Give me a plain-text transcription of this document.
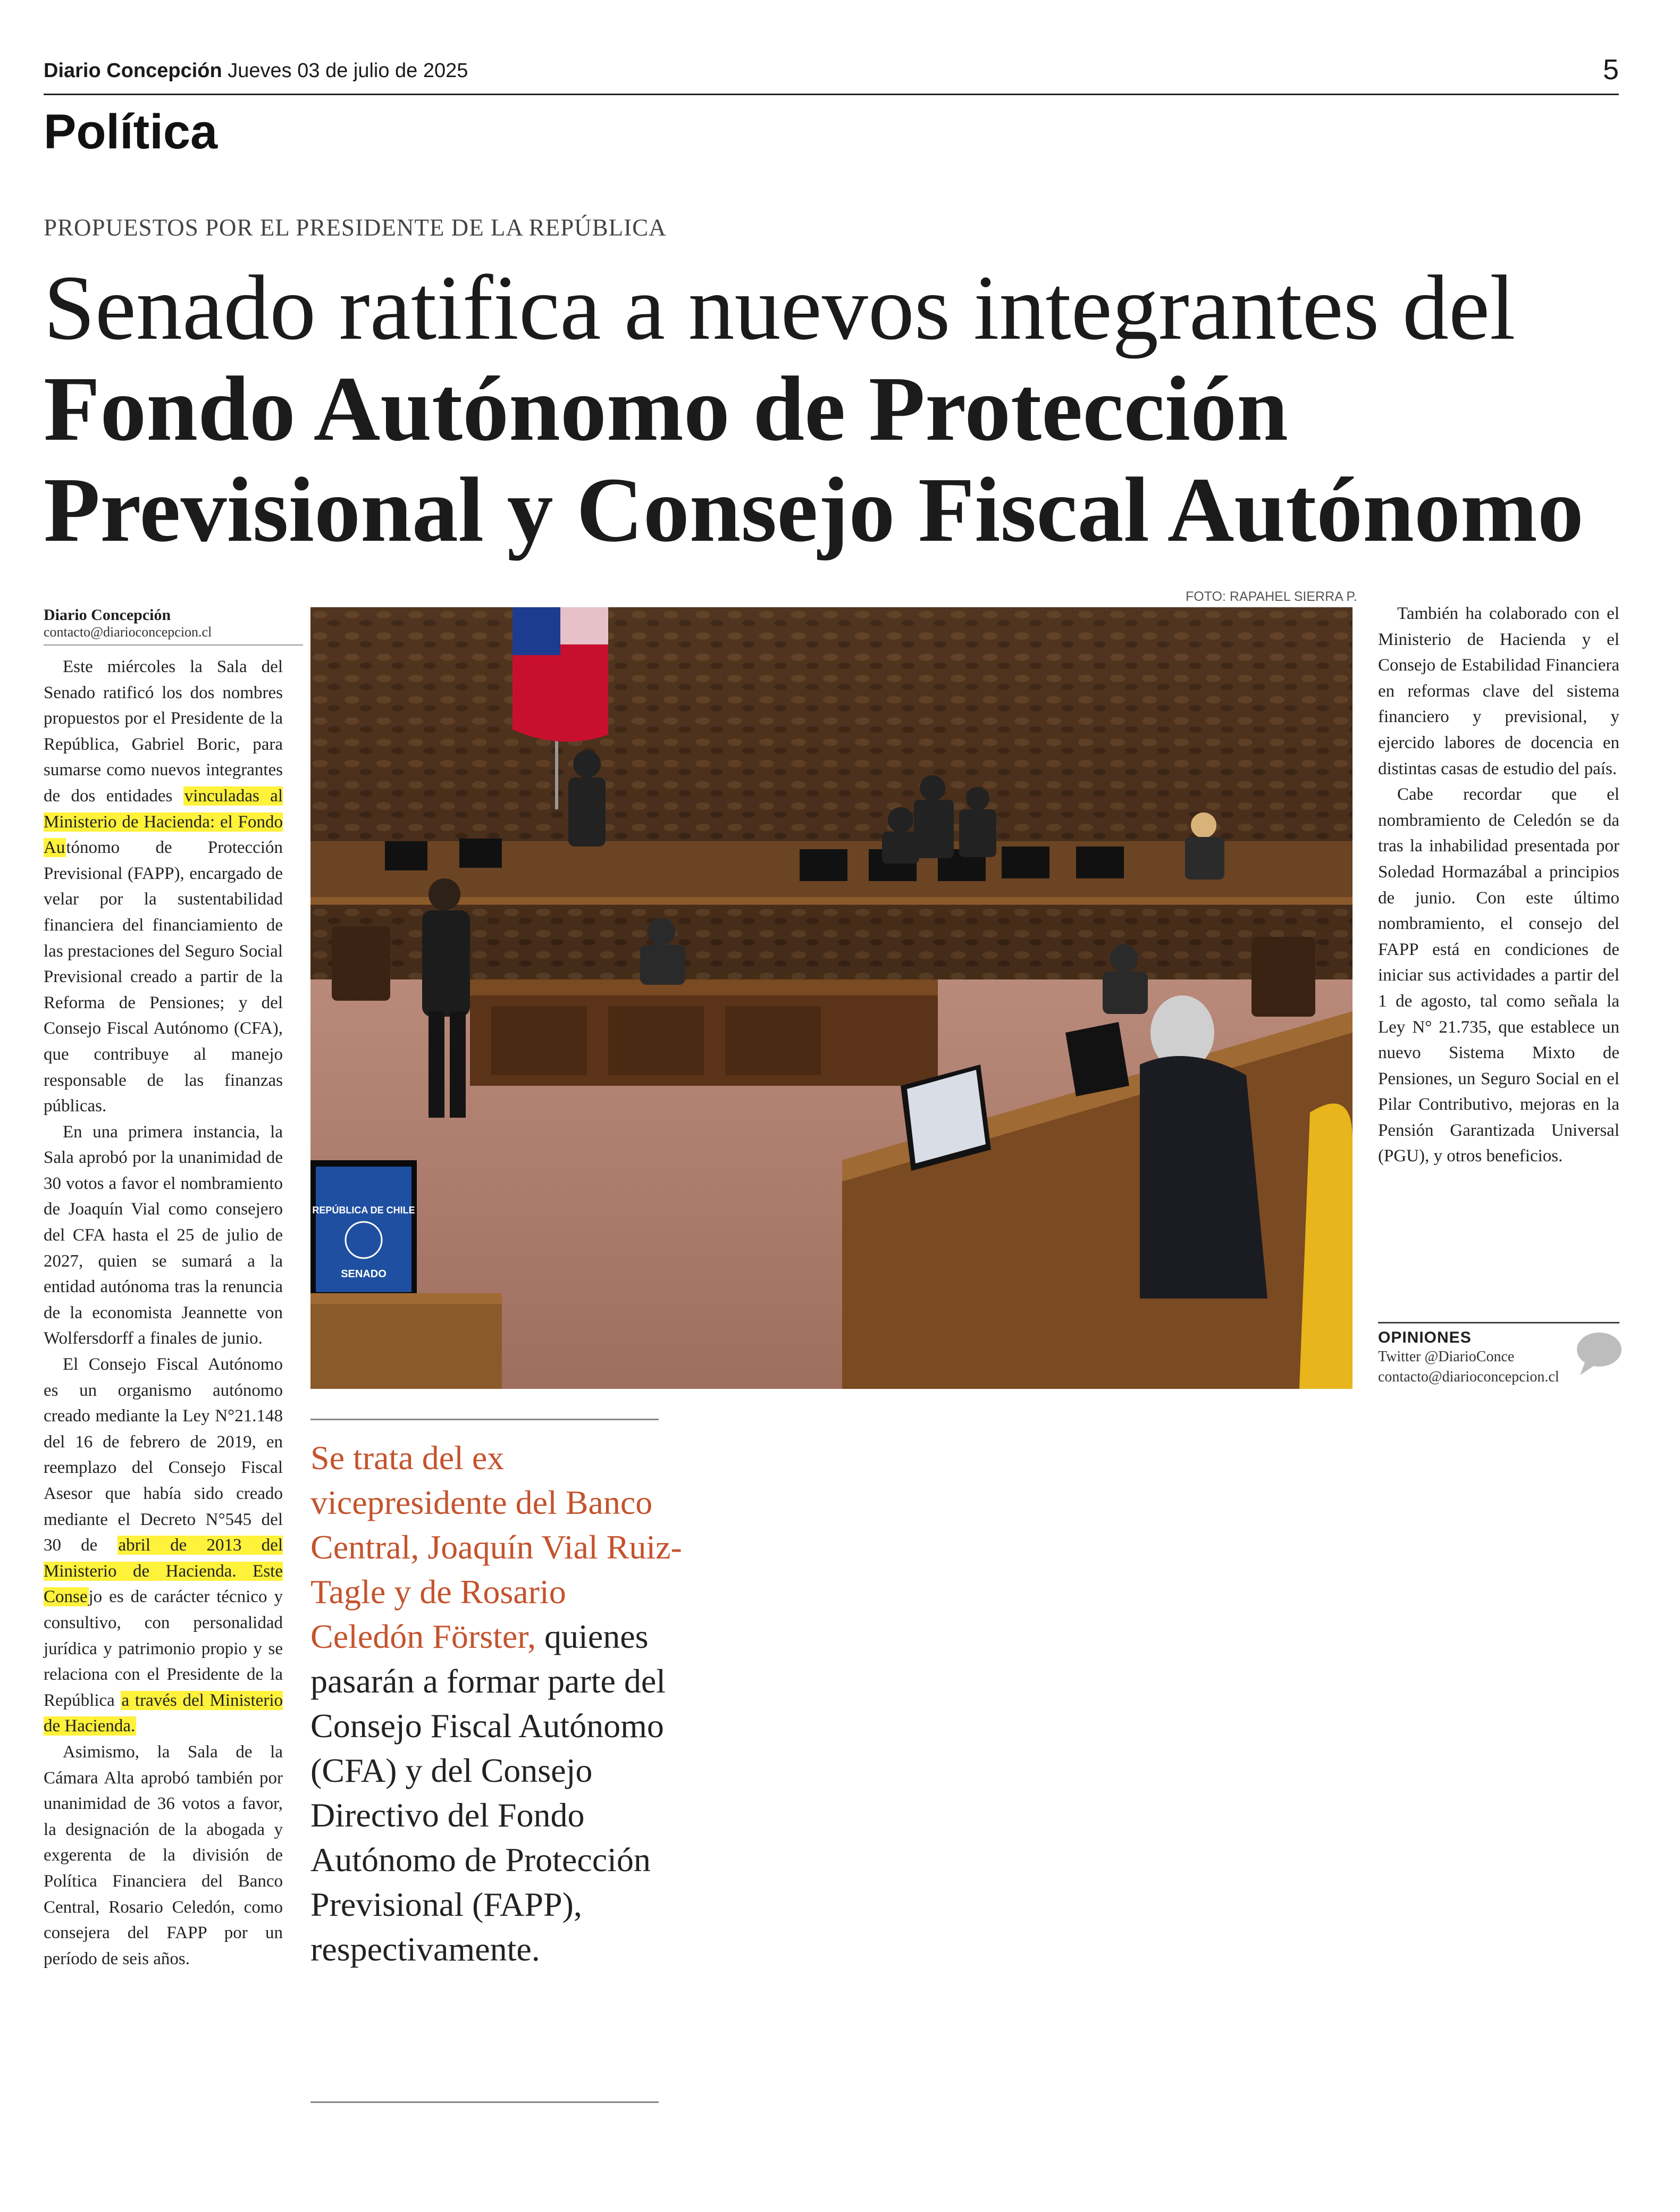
Diario Concepción Jueves 03 de julio de 2025	5
Política
PROPUESTOS POR EL PRESIDENTE DE LA REPÚBLICA
Senado ratifica a nuevos integrantes del Fondo Autónomo de Protección Previsional y Consejo Fiscal Autónomo
Diario Concepción
contacto@diarioconcepcion.cl

Este miércoles la Sala del Senado ratificó los dos nombres propuestos por el Presidente de la República, Gabriel Boric, para sumarse como nuevos integrantes de dos entidades vinculadas al Ministerio de Hacienda: el Fondo Autónomo de Protección Previsional (FAPP), encargado de velar por la sustentabilidad financiera del financiamiento de las prestaciones del Seguro Social Previsional creado a partir de la Reforma de Pensiones; y del Consejo Fiscal Autónomo (CFA), que contribuye al manejo responsable de las finanzas públicas.

En una primera instancia, la Sala aprobó por la unanimidad de 30 votos a favor el nombramiento de Joaquín Vial como consejero del CFA hasta el 25 de julio de 2027, quien se sumará a la entidad autónoma tras la renuncia de la economista Jeannette von Wolfersdorff a finales de junio.

El Consejo Fiscal Autónomo es un organismo autónomo creado mediante la Ley N°21.148 del 16 de febrero de 2019, en reemplazo del Consejo Fiscal Asesor que había sido creado mediante el Decreto N°545 del 30 de abril de 2013 del Ministerio de Hacienda. Este Consejo es de carácter técnico y consultivo, con personalidad jurídica y patrimonio propio y se relaciona con el Presidente de la República a través del Ministerio de Hacienda.

Asimismo, la Sala de la Cámara Alta aprobó también por unanimidad de 36 votos a favor, la designación de la abogada y exgerenta de la división de Política Financiera del Banco Central, Rosario Celedón, como consejera del FAPP por un período de seis años.

FOTO: RAPAHEL SIERRA P.
REPÚBLICA DE CHILE
SENADO
Se trata del ex vicepresidente del Banco Central, Joaquín Vial Ruiz-Tagle y de Rosario Celedón Förster, quienes pasarán a formar parte del Consejo Fiscal Autónomo (CFA) y del Consejo Directivo del Fondo Autónomo de Protección Previsional (FAPP), respectivamente.

También ha colaborado con el Ministerio de Hacienda y el Consejo de Estabilidad Financiera en reformas clave del sistema financiero y previsional, y ejercido labores de docencia en distintas casas de estudio del país.

Cabe recordar que el nombramiento de Celedón se da tras la inhabilidad presentada por Soledad Hormazábal a principios de junio. Con este último nombramiento, el consejo del FAPP está en condiciones de iniciar sus actividades a partir del 1 de agosto, tal como señala la Ley N° 21.735, que establece un nuevo Sistema Mixto de Pensiones, un Seguro Social en el Pilar Contributivo, mejoras en la Pensión Garantizada Universal (PGU), y otros beneficios.

OPINIONES
Twitter @DiarioConce
contacto@diarioconcepcion.cl
